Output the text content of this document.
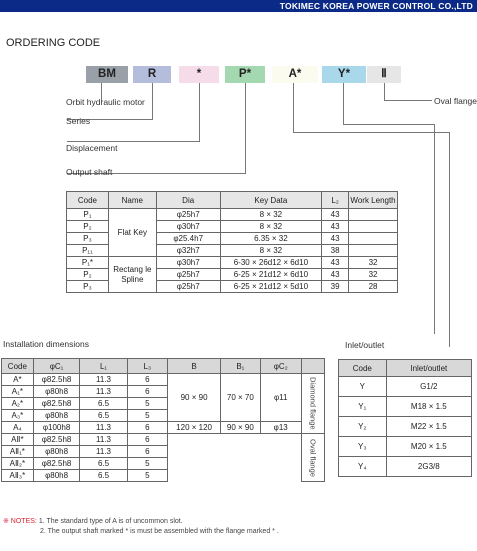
TOKIMEC KOREA POWER CONTROL CO.,LTD
ORDERING CODE
BM	R	*	P*	A*	Y*	Ⅱ
Orbit hydraulic motor
Series
Displacement
Output shaft
Oval flange
Code	Name	Dia	Key Data	L₂	Work Length
P₁	Flat Key	φ25h7	8 × 32	43	
P₂		φ30h7	8 × 32	43	
P₃		φ25.4h7	6.35 × 32	43	
P₁₁		φ32h7	8 × 32	38	
P₁*	Rectang le Spline	φ30h7	6-30 × 26d12 × 6d10	43	32
P₂		φ25h7	6-25 × 21d12 × 6d10	43	32
P₃		φ25h7	6-25 × 21d12 × 5d10	39	28
Installation dimensions	Inlet/outlet
Code	φC₁	L₁	L₃	B	B₁	φC₂	
A*	φ82.5h8	11.3	6	90 × 90	70 × 70	φ11	Diamond flange

A₁*	φ80h8	11.3	6				
A₂*	φ82.5h8	6.5	5				
A₃*	φ80h8	6.5	5				
A₄	φ100h8	11.3	6	120 × 120	90 × 90	φ13	
AⅡ*	φ82.5h8	11.3	6				Oval flange

AⅡ₁*	φ80h8	11.3	6				
AⅡ₂*	φ82.5h8	6.5	5				
AⅡ₃*	φ80h8	6.5	5				
Code	Inlet/outlet
Y	G1/2
Y₁	M18 × 1.5
Y₂	M22 × 1.5
Y₃	M20 × 1.5
Y₄	2G3/8
※ NOTES: 1. The standard type of A is of uncommon slot.
2. The output shaft marked * is must be assembled with the flange marked * .
